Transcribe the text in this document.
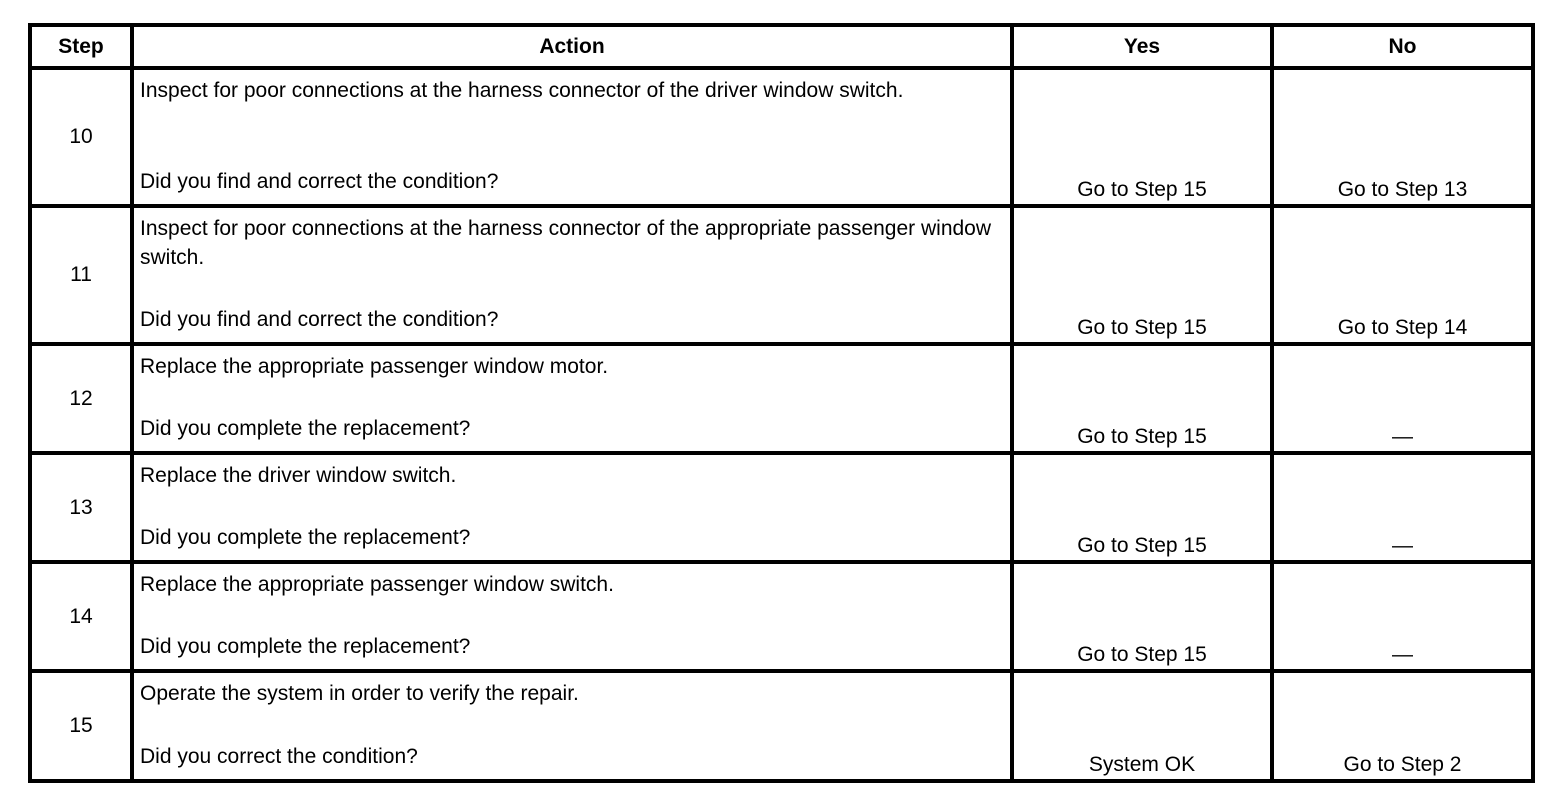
Step	Action	Yes	No
10	Inspect for poor connections at the harness connector of the driver window switch.
Did you find and correct the condition?	Go to Step 15	Go to Step 13
11	Inspect for poor connections at the harness connector of the appropriate passenger window switch.
Did you find and correct the condition?	Go to Step 15	Go to Step 14
12	Replace the appropriate passenger window motor.
Did you complete the replacement?	Go to Step 15	—
13	Replace the driver window switch.
Did you complete the replacement?	Go to Step 15	—
14	Replace the appropriate passenger window switch.
Did you complete the replacement?	Go to Step 15	—
15	Operate the system in order to verify the repair.
Did you correct the condition?	System OK	Go to Step 2
